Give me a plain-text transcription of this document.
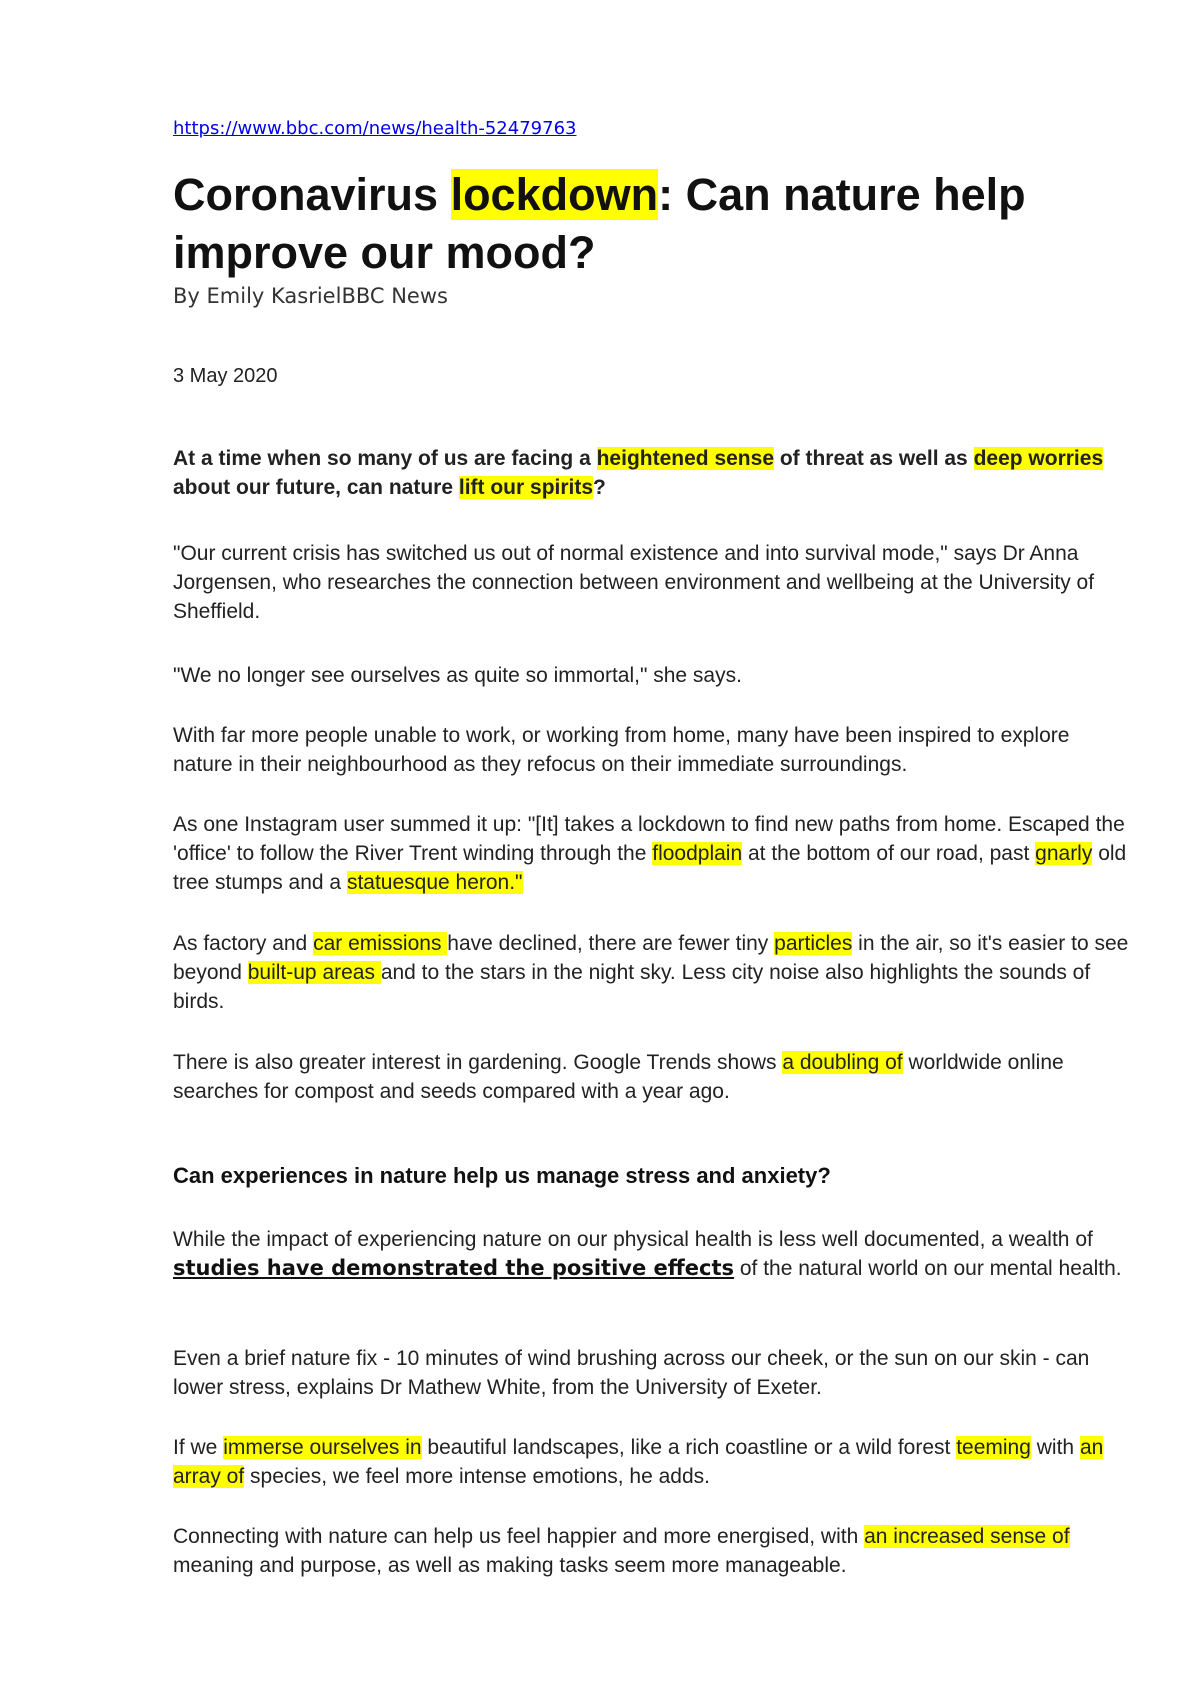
https://www.bbc.com/news/health-52479763
Coronavirus lockdown: Can nature help improve our mood?
By Emily KasrielBBC News
3 May 2020

At a time when so many of us are facing a heightened sense of threat as well as deep worries about our future, can nature lift our spirits?

"Our current crisis has switched us out of normal existence and into survival mode," says Dr Anna Jorgensen, who researches the connection between environment and wellbeing at the University of Sheffield.

"We no longer see ourselves as quite so immortal," she says.

With far more people unable to work, or working from home, many have been inspired to explore nature in their neighbourhood as they refocus on their immediate surroundings.

As one Instagram user summed it up: "[It] takes a lockdown to find new paths from home. Escaped the 'office' to follow the River Trent winding through the floodplain at the bottom of our road, past gnarly old tree stumps and a statuesque heron."

As factory and car emissions have declined, there are fewer tiny particles in the air, so it's easier to see beyond built-up areas and to the stars in the night sky. Less city noise also highlights the sounds of birds.

There is also greater interest in gardening. Google Trends shows a doubling of worldwide online searches for compost and seeds compared with a year ago.

Can experiences in nature help us manage stress and anxiety?

While the impact of experiencing nature on our physical health is less well documented, a wealth of studies have demonstrated the positive effects of the natural world on our mental health.

Even a brief nature fix - 10 minutes of wind brushing across our cheek, or the sun on our skin - can lower stress, explains Dr Mathew White, from the University of Exeter.

If we immerse ourselves in beautiful landscapes, like a rich coastline or a wild forest teeming with an array of species, we feel more intense emotions, he adds.

Connecting with nature can help us feel happier and more energised, with an increased sense of meaning and purpose, as well as making tasks seem more manageable.
